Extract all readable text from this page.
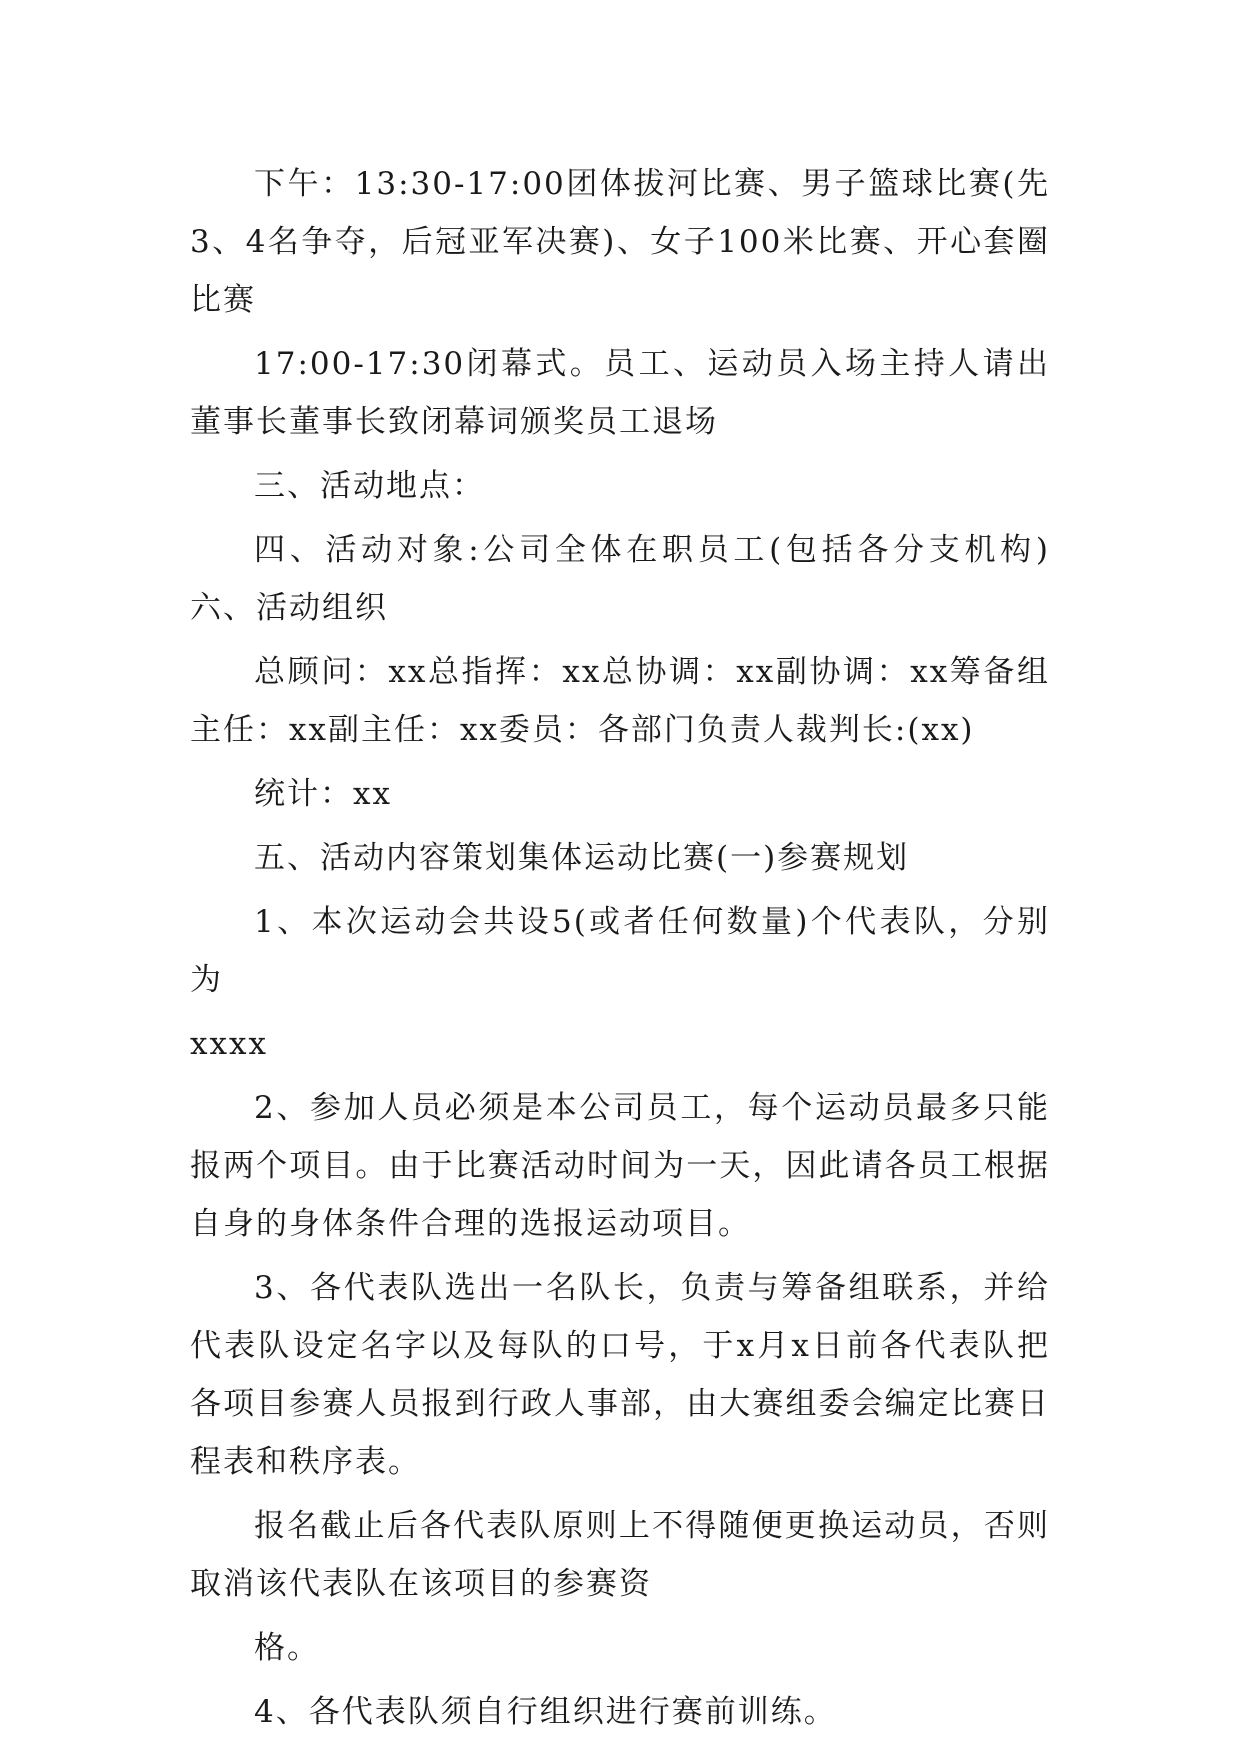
下午：13:30-17:00团体拔河比赛、男子篮球比赛(先3、4名争夺，后冠亚军决赛)、女子100米比赛、开心套圈比赛

17:00-17:30闭幕式。员工、运动员入场主持人请出董事长董事长致闭幕词颁奖员工退场

三、活动地点：

四、活动对象:公司全体在职员工(包括各分支机构)六、活动组织

总顾问：xx总指挥：xx总协调：xx副协调：xx筹备组主任：xx副主任：xx委员：各部门负责人裁判长:(xx)

统计：xx

五、活动内容策划集体运动比赛(一)参赛规划

1、本次运动会共设5(或者任何数量)个代表队，分别为

xxxx

2、参加人员必须是本公司员工，每个运动员最多只能报两个项目。由于比赛活动时间为一天，因此请各员工根据自身的身体条件合理的选报运动项目。

3、各代表队选出一名队长，负责与筹备组联系，并给代表队设定名字以及每队的口号，于x月x日前各代表队把各项目参赛人员报到行政人事部，由大赛组委会编定比赛日程表和秩序表。

报名截止后各代表队原则上不得随便更换运动员，否则取消该代表队在该项目的参赛资

格。

4、各代表队须自行组织进行赛前训练。
